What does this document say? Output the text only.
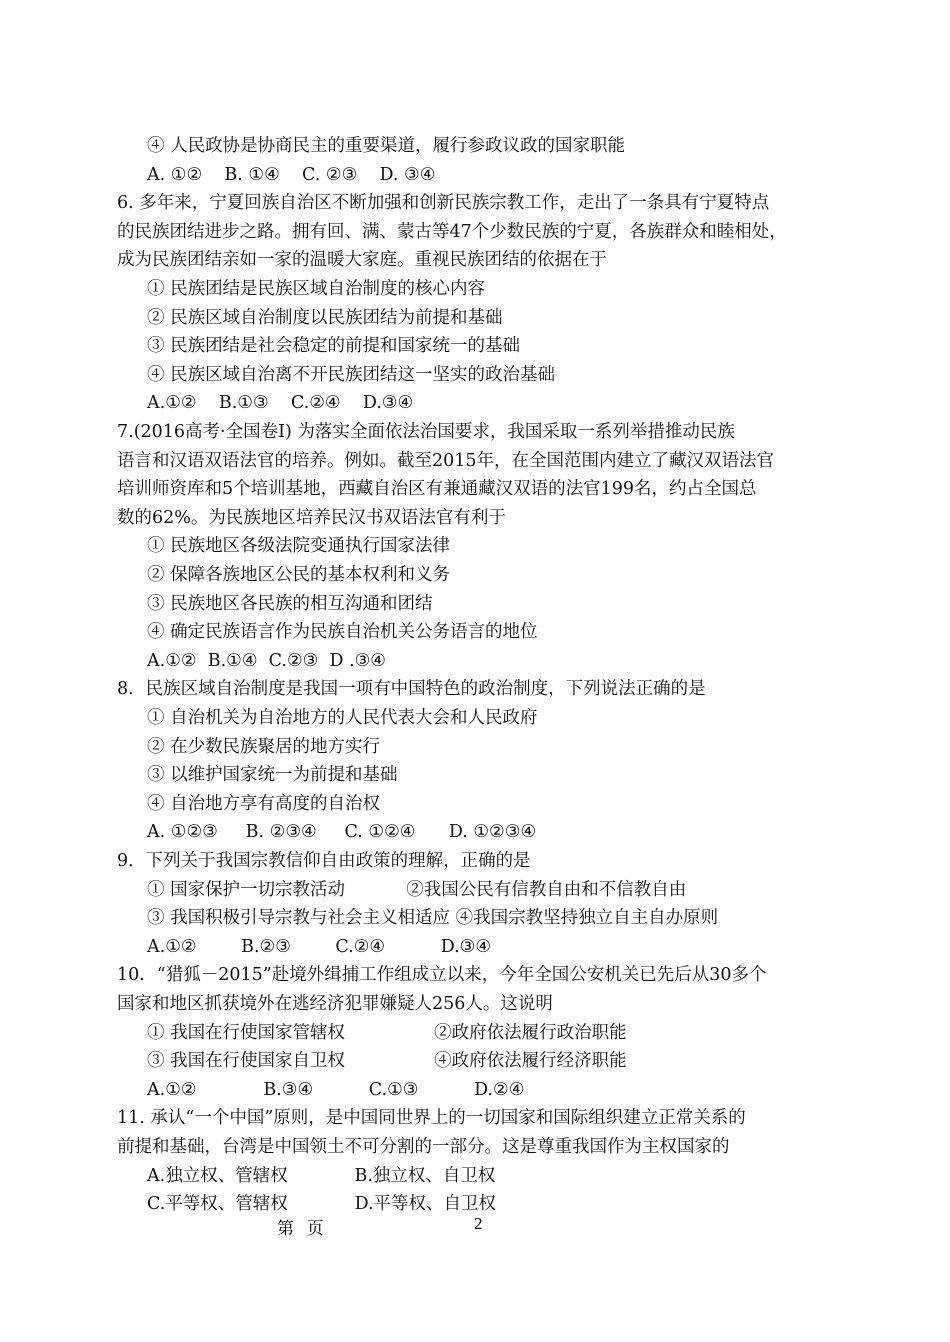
④ 人民政协是协商民主的重要渠道，履行参政议政的国家职能
A. ①②    B. ①④    C. ②③    D. ③④
6. 多年来，宁夏回族自治区不断加强和创新民族宗教工作，走出了一条具有宁夏特点
的民族团结进步之路。拥有回、满、蒙古等47个少数民族的宁夏，各族群众和睦相处，
成为民族团结亲如一家的温暖大家庭。重视民族团结的依据在于
① 民族团结是民族区域自治制度的核心内容
② 民族区域自治制度以民族团结为前提和基础
③ 民族团结是社会稳定的前提和国家统一的基础
④ 民族区域自治离不开民族团结这一坚实的政治基础
A.①②    B.①③    C.②④    D.③④
7.(2016高考·全国卷Ⅰ) 为落实全面依法治国要求，我国采取一系列举措推动民族
语言和汉语双语法官的培养。例如。截至2015年，在全国范围内建立了藏汉双语法官
培训师资库和5个培训基地，西藏自治区有兼通藏汉双语的法官199名，约占全国总
数的62%。为民族地区培养民汉书双语法官有利于
① 民族地区各级法院变通执行国家法律
② 保障各族地区公民的基本权利和义务
③ 民族地区各民族的相互沟通和团结
④ 确定民族语言作为民族自治机关公务语言的地位
A.①②  B.①④  C.②③  D .③④
8．民族区域自治制度是我国一项有中国特色的政治制度，下列说法正确的是
① 自治机关为自治地方的人民代表大会和人民政府
② 在少数民族聚居的地方实行
③ 以维护国家统一为前提和基础
④ 自治地方享有高度的自治权
A. ①②③     B. ②③④     C. ①②④      D. ①②③④
9．下列关于我国宗教信仰自由政策的理解，正确的是
① 国家保护一切宗教活动           ②我国公民有信教自由和不信教自由
③ 我国积极引导宗教与社会主义相适应 ④我国宗教坚持独立自主自办原则
A.①②        B.②③        C.②④          D.③④
10．“猎狐－2015”赴境外缉捕工作组成立以来，今年全国公安机关已先后从30多个
国家和地区抓获境外在逃经济犯罪嫌疑人256人。这说明
① 我国在行使国家管辖权                ②政府依法履行政治职能
③ 我国在行使国家自卫权                ④政府依法履行经济职能
A.①②            B.③④          C.①③          D.②④
11. 承认“一个中国”原则，是中国同世界上的一切国家和国际组织建立正常关系的
前提和基础，台湾是中国领土不可分割的一部分。这是尊重我国作为主权国家的
A.独立权、管辖权            B.独立权、自卫权
C.平等权、管辖权            D.平等权、自卫权
第   页	2
